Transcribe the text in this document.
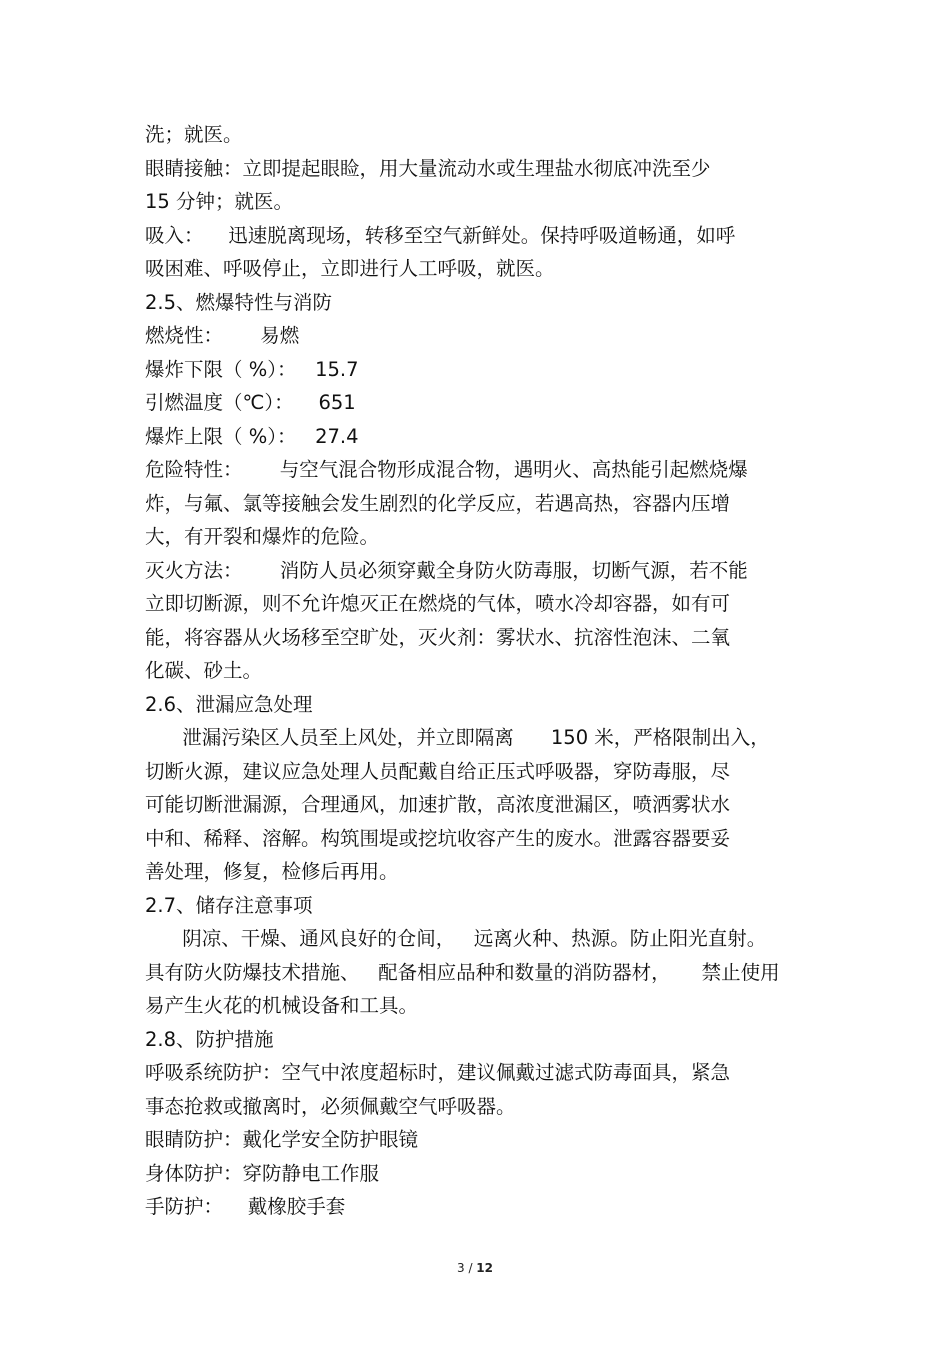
洗；就医。

眼睛接触：立即提起眼睑，用大量流动水或生理盐水彻底冲洗至少

15 分钟；就医。

吸入：    迅速脱离现场，转移至空气新鲜处。保持呼吸道畅通，如呼

吸困难、呼吸停止，立即进行人工呼吸，就医。

2.5、燃爆特性与消防

燃烧性：      易燃

爆炸下限（ %）：   15.7

引燃温度（℃）：    651

爆炸上限（ %）：   27.4

危险特性：      与空气混合物形成混合物，遇明火、高热能引起燃烧爆

炸，与氟、氯等接触会发生剧烈的化学反应，若遇高热，容器内压增

大，有开裂和爆炸的危险。

灭火方法：      消防人员必须穿戴全身防火防毒服，切断气源，若不能

立即切断源，则不允许熄灭正在燃烧的气体，喷水冷却容器，如有可

能，将容器从火场移至空旷处，灭火剂：雾状水、抗溶性泡沫、二氧

化碳、砂土。

2.6、泄漏应急处理

泄漏污染区人员至上风处，并立即隔离      150 米，严格限制出入，

切断火源，建议应急处理人员配戴自给正压式呼吸器，穿防毒服，尽

可能切断泄漏源，合理通风，加速扩散，高浓度泄漏区，喷洒雾状水

中和、稀释、溶解。构筑围堤或挖坑收容产生的废水。泄露容器要妥

善处理，修复，检修后再用。

2.7、储存注意事项

阴凉、干燥、通风良好的仓间，   远离火种、热源。防止阳光直射。

具有防火防爆技术措施、   配备相应品种和数量的消防器材，     禁止使用

易产生火花的机械设备和工具。

2.8、防护措施

呼吸系统防护：空气中浓度超标时，建议佩戴过滤式防毒面具，紧急

事态抢救或撤离时，必须佩戴空气呼吸器。

眼睛防护：戴化学安全防护眼镜

身体防护：穿防静电工作服

手防护：    戴橡胶手套

3 / 12
